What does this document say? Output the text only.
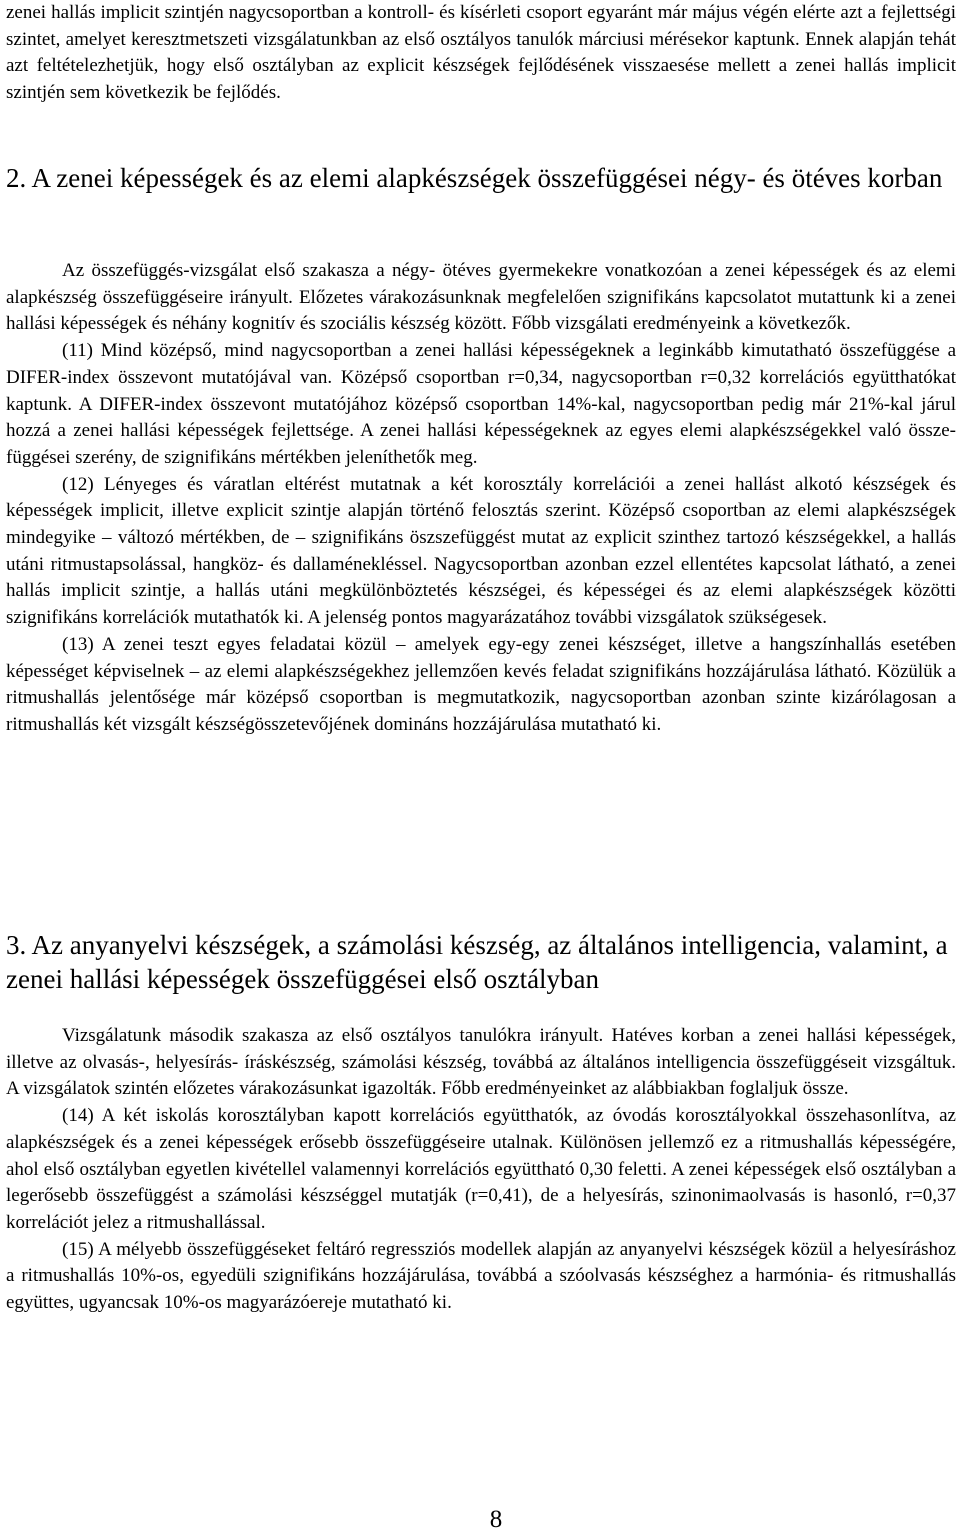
zenei hallás implicit szintjén nagycsoportban a kontroll- és kísérleti csoport egyaránt már május végén elérte azt a fejlettségi szintet, amelyet keresztmetszeti vizsgálatunkban az első osztályos tanulók márciusi mérésekor kaptunk. Ennek alapján tehát azt feltételezhetjük, hogy első osztályban az explicit készségek fejlődésének visszaesése mellett a zenei hallás implicit szintjén sem következik be fejlődés.

2. A zenei képességek és az elemi alapkészségek összefüggései négy- és ötéves korban

Az összefüggés-vizsgálat első szakasza a négy- ötéves gyermekekre vonatkozóan a zenei képességek és az elemi alapkészség összefüggéseire irányult. Előzetes várakozásunknak megfelelően szignifikáns kapcsolatot mutattunk ki a zenei hallási képességek és néhány kognitív és szociális készség között. Főbb vizsgálati eredményeink a következők.

(11) Mind középső, mind nagycsoportban a zenei hallási képességeknek a leginkább kimutatható összefüggése a DIFER-index összevont mutatójával van. Középső csoportban r=0,34, nagycsoportban r=0,32 korrelációs együtthatókat kaptunk. A DIFER-index összevont mutatójához középső csoportban 14%-kal, nagycsoportban pedig már 21%-kal járul hozzá a zenei hallási képességek fejlettsége. A zenei hallási képességeknek az egyes elemi alapkészségekkel való összefüggései szerény, de szignifikáns mértékben jeleníthetők meg.

(12) Lényeges és váratlan eltérést mutatnak a két korosztály korrelációi a zenei hallást alkotó készségek és képességek implicit, illetve explicit szintje alapján történő felosztás szerint. Középső csoportban az elemi alapkészségek mindegyike – változó mértékben, de – szignifikáns öszszefüggést mutat az explicit szinthez tartozó készségekkel, a hallás utáni ritmustapsolással, hangköz- és dallaménekléssel. Nagycsoportban azonban ezzel ellentétes kapcsolat látható, a zenei hallás implicit szintje, a hallás utáni megkülönböztetés készségei, és képességei és az elemi alapkészségek közötti szignifikáns korrelációk mutathatók ki. A jelenség pontos magyarázatához további vizsgálatok szükségesek.

(13) A zenei teszt egyes feladatai közül – amelyek egy-egy zenei készséget, illetve a hangszínhallás esetében képességet képviselnek – az elemi alapkészségekhez jellemzően kevés feladat szignifikáns hozzájárulása látható. Közülük a ritmushallás jelentősége már középső csoportban is megmutatkozik, nagycsoportban azonban szinte kizárólagosan a ritmushallás két vizsgált készségösszetevőjének domináns hozzájárulása mutatható ki.

3. Az anyanyelvi készségek, a számolási készség, az általános intelligencia, valamint, a zenei hallási képességek összefüggései első osztályban

Vizsgálatunk második szakasza az első osztályos tanulókra irányult. Hatéves korban a zenei hallási képességek, illetve az olvasás-, helyesírás- íráskészség, számolási készség, továbbá az általános intelligencia összefüggéseit vizsgáltuk. A vizsgálatok szintén előzetes várakozásunkat igazolták. Főbb eredményeinket az alábbiakban foglaljuk össze.

(14) A két iskolás korosztályban kapott korrelációs együtthatók, az óvodás korosztályokkal összehasonlítva, az alapkészségek és a zenei képességek erősebb összefüggéseire utalnak. Különösen jellemző ez a ritmushallás képességére, ahol első osztályban egyetlen kivétellel valamennyi korrelációs együttható 0,30 feletti. A zenei képességek első osztályban a legerősebb összefüggést a számolási készséggel mutatják (r=0,41), de a helyesírás, szinonimaolvasás is hasonló, r=0,37 korrelációt jelez a ritmushallással.

(15) A mélyebb összefüggéseket feltáró regressziós modellek alapján az anyanyelvi készségek közül a helyesíráshoz a ritmushallás 10%-os, egyedüli szignifikáns hozzájárulása, továbbá a szóolvasás készséghez a harmónia- és ritmushallás együttes, ugyancsak 10%-os magyarázóereje mutatható ki.

8
